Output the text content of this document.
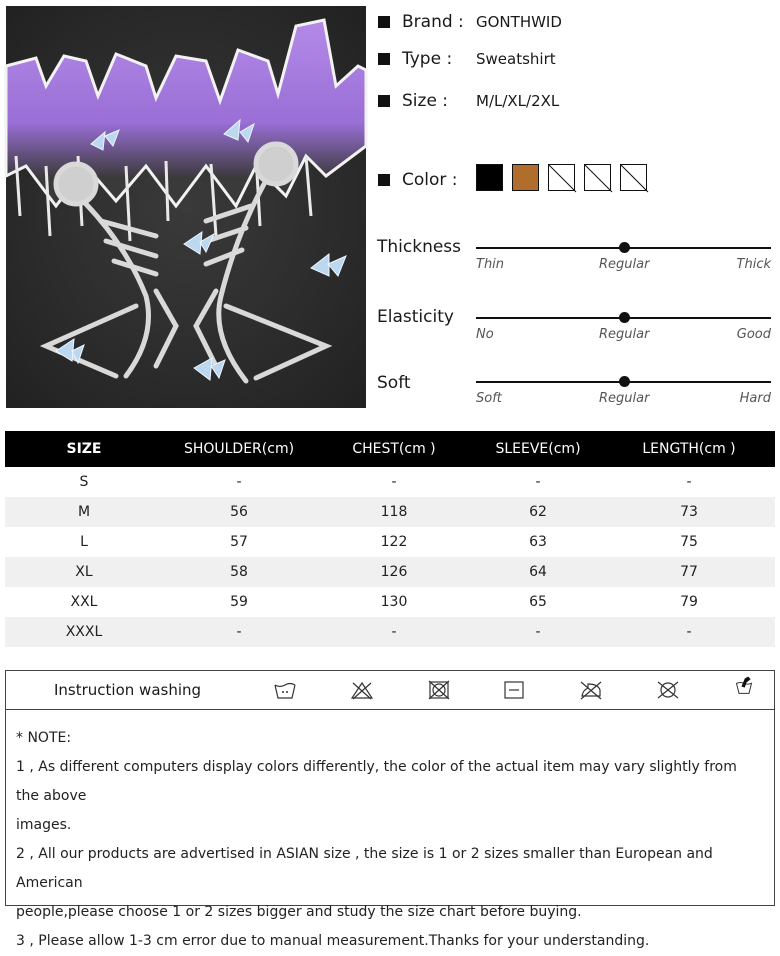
Brand : GONTHWID
Type :	Sweatshirt
Size :	M/L/XL/2XL
Color :
Thickness
Thin	Regular	Thick
Elasticity
No	Regular	Good
Soft
Soft	Regular	Hard
SIZE	SHOULDER(cm)	CHEST(cm )	SLEEVE(cm)	LENGTH(cm )
S	-	-	-	-
M	56	118	62	73
L	57	122	63	75
XL	58	126	64	77
XXL	59	130	65	79
XXXL	-	-	-	-
Instruction washing
* NOTE:
1 , As different computers display colors differently, the color of the actual item may vary slightly from the above
images.
2 , All our products are advertised in ASIAN size , the size is 1 or 2 sizes smaller than European and American
people,please choose 1 or 2 sizes bigger and study the size chart before buying.
3 , Please allow 1-3 cm error due to manual measurement.Thanks for your understanding.
